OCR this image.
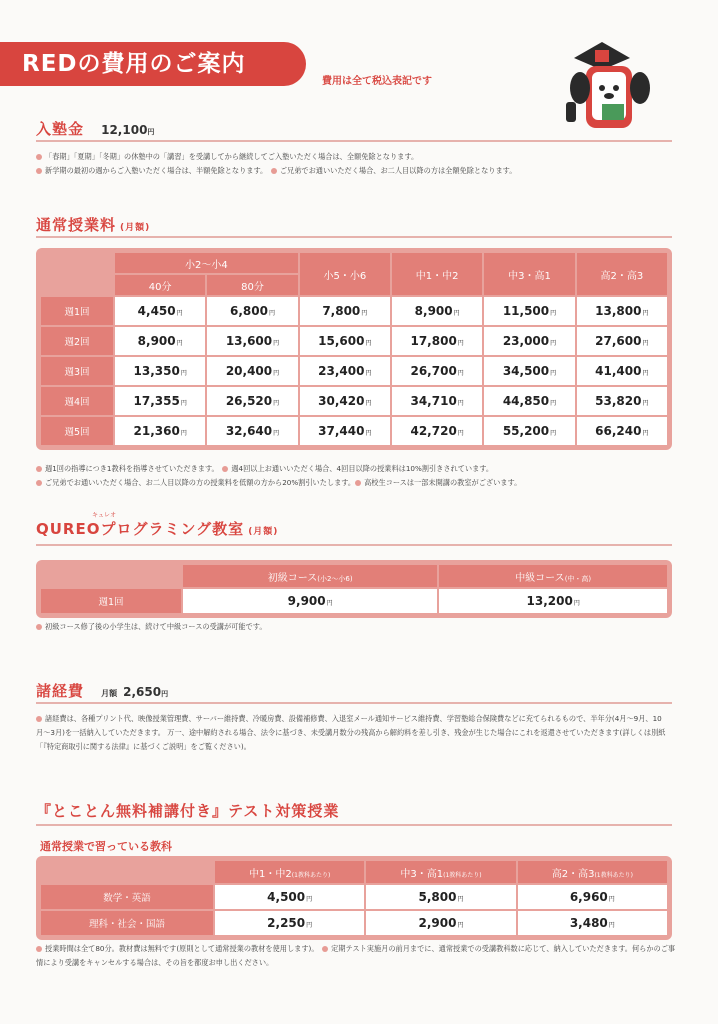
REDの費用のご案内
費用は全て税込表記です
入塾金 12,100円
「春期」「夏期」「冬期」の休塾中の「講習」を受講してから継続してご入塾いただく場合は、全額免除となります。
新学期の最初の週からご入塾いただく場合は、半額免除となります。　 ご兄弟でお通いいただく場合、お二人目以降の方は全額免除となります。
通常授業料 (月額)
	小2〜小4		小5・小6	中1・中2	中3・高1	高2・高3
	40分	80分				
週1回	4,450円	6,800円	7,800円	8,900円	11,500円	13,800円
週2回	8,900円	13,600円	15,600円	17,800円	23,000円	27,600円
週3回	13,350円	20,400円	23,400円	26,700円	34,500円	41,400円
週4回	17,355円	26,520円	30,420円	34,710円	44,850円	53,820円
週5回	21,360円	32,640円	37,440円	42,720円	55,200円	66,240円
週1回の指導につき1教科を指導させていただきます。　 週4回以上お通いいただく場合、4回目以降の授業料は10%割引きされています。
ご兄弟でお通いいただく場合、お二人目以降の方の授業料を低額の方から20%割引いたします。 高校生コースは一部未開講の教室がございます。
キュレオ
QUREOプログラミング教室 (月額)
	初級コース(小2〜小6)	中級コース(中・高)
週1回	9,900円	13,200円
初級コース修了後の小学生は、続けて中級コースの受講が可能です。
諸経費 月額 2,650円
諸経費は、各種プリント代、映像授業管理費、サーバー維持費、冷暖房費、設備補修費、入退室メール通知サービス維持費、学習塾総合保険費などに充てられるもので、半年分(4月〜9月、10月〜3月)を一括納入していただきます。 万一、途中解約される場合、法令に基づき、未受講月数分の残高から解約料を差し引き、残金が生じた場合にこれを返還させていただきます(詳しくは別紙「『特定商取引に関する法律』に基づくご説明」をご覧ください)。
『とことん無料補講付き』テスト対策授業
通常授業で習っている教科
	中1・中2(1教科あたり)	中3・高1(1教科あたり)	高2・高3(1教科あたり)
数学・英語	4,500円	5,800円	6,960円
理科・社会・国語	2,250円	2,900円	3,480円
授業時間は全て80分。教材費は無料です(原則として通常授業の教材を使用します)。　 定期テスト実施月の前月までに、通常授業での受講教科数に応じて、納入していただきます。何らかのご事情により受講をキャンセルする場合は、その旨を都度お申し出ください。
